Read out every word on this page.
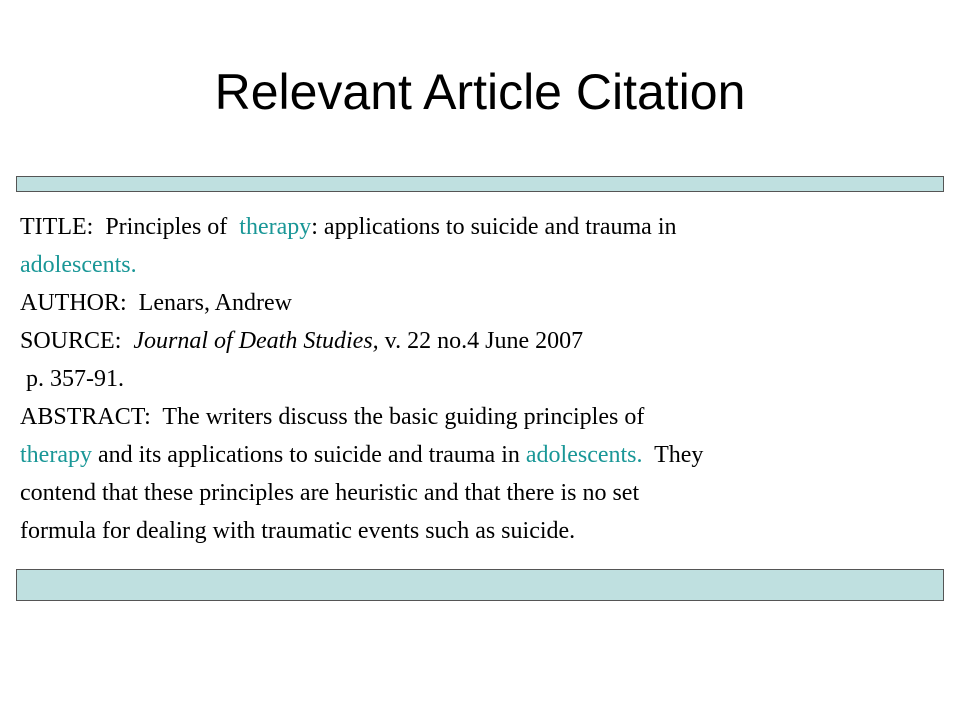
Relevant Article Citation
TITLE: Principles of therapy: applications to suicide and trauma in
adolescents.
AUTHOR: Lenars, Andrew
SOURCE: Journal of Death Studies, v. 22 no.4 June 2007
p. 357-91.
ABSTRACT: The writers discuss the basic guiding principles of
therapy and its applications to suicide and trauma in adolescents. They
contend that these principles are heuristic and that there is no set
formula for dealing with traumatic events such as suicide.
